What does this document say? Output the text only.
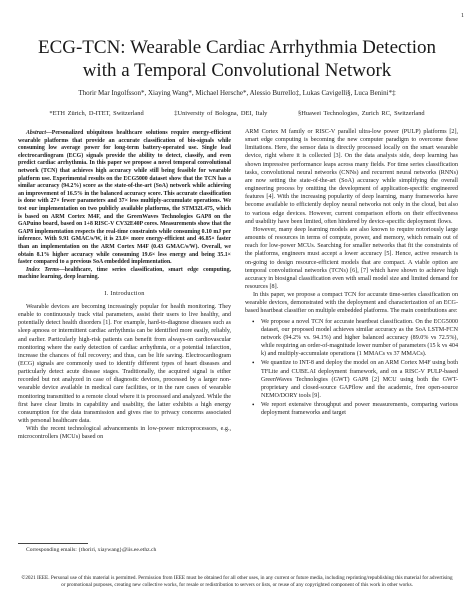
1
ECG-TCN: Wearable Cardiac Arrhythmia Detection
with a Temporal Convolutional Network
Thorir Mar Ingolfsson*, Xiaying Wang*, Michael Hersche*, Alessio Burrello‡, Lukas Cavigelli§, Luca Benini*‡
*ETH Zürich, D-ITET, Switzerland	‡University of Bologna, DEI, Italy	§Huawei Technologies, Zurich RC, Switzerland

Abstract—Personalized ubiquitous healthcare solutions require energy-efficient wearable platforms that provide an accurate classification of bio-signals while consuming low average power for long-term battery-operated use. Single lead electrocardiogram (ECG) signals provide the ability to detect, classify, and even predict cardiac arrhythmia. In this paper we propose a novel temporal convolutional network (TCN) that achieves high accuracy while still being feasible for wearable platform use. Experimental results on the ECG5000 dataset show that the TCN has a similar accuracy (94.2%) score as the state-of-the-art (SoA) network while achieving an improvement of 16.5% in the balanced accuracy score. This accurate classification is done with 27× fewer parameters and 37× less multiply-accumulate operations. We test our implementation on two publicly available platforms, the STM32L475, which is based on ARM Cortex M4F, and the GreenWaves Technologies GAP8 on the GAPuino board, based on 1+8 RISC-V CV32E40P cores. Measurements show that the GAP8 implementation respects the real-time constraints while consuming 0.10 mJ per inference. With 9.91 GMAC/s/W, it is 23.0× more energy-efficient and 46.85× faster than an implementation on the ARM Cortex M4F (0.43 GMAC/s/W). Overall, we obtain 8.1% higher accuracy while consuming 19.6× less energy and being 35.1× faster compared to a previous SoA embedded implementation.

Index Terms—healthcare, time series classification, smart edge computing, machine learning, deep learning.

I. Introduction

Wearable devices are becoming increasingly popular for health monitoring. They enable to continuously track vital parameters, assist their users to live healthy, and potentially detect health disorders [1]. For example, hard-to-diagnose diseases such as sleep apnoea or intermittent cardiac arrhythmia can be identified more easily, reliably, and earlier. Particularly high-risk patients can benefit from always-on cardiovascular monitoring where the early detection of cardiac arrhythmia, or a potential infarction, increase the chances of full recovery; and thus, can be life saving. Electrocardiogram (ECG) signals are commonly used to identify different types of heart diseases and particularly detect acute disease stages. Traditionally, the acquired signal is either recorded but not analyzed in case of diagnostic devices, processed by a larger non-wearable device available in medical care facilities, or in the rare cases of wearable monitoring transmitted to a remote cloud where it is processed and analyzed. While the first have clear limits in capability and usability, the latter exhibits a high energy consumption for the data transmission and gives rise to privacy concerns associated with personal healthcare data.

With the recent technological advancements in low-power microprocessors, e.g., microcontrollers (MCUs) based on

Corresponding emails: {thoriri, xiaywang}@iis.ee.ethz.ch

ARM Cortex M family or RISC-V parallel ultra-low power (PULP) platforms [2], smart edge computing is becoming the new computer paradigm to overcome these limitations. Here, the sensor data is directly processed locally on the smart wearable device, right where it is collected [3]. On the data analysis side, deep learning has shown impressive performance leaps across many fields. For time series classification tasks, convolutional neural networks (CNNs) and recurrent neural networks (RNNs) are now setting the state-of-the-art (SoA) accuracy while simplifying the overall engineering process by omitting the development of application-specific engineered features [4]. With the increasing popularity of deep learning, many frameworks have become available to efficiently deploy neural networks not only in the cloud, but also to various edge devices. However, current comparison efforts on their effectiveness and usability have been limited, often hindered by device-specific deployment flows.

However, many deep learning models are also known to require notoriously large amounts of resources in terms of compute, power, and memory, which remain out of reach for low-power MCUs. Searching for smaller networks that fit the constraints of the platforms, engineers must accept a lower accuracy [5]. Hence, active research is on-going to design resource-efficient models that are compact. A viable option are temporal convolutional networks (TCNs) [6], [7] which have shown to achieve high accuracy in biosignal classification even with small model size and limited demand for resources [8].

In this paper, we propose a compact TCN for accurate time-series classification on wearable devices, demonstrated with the deployment and characterization of an ECG-based heartbeat classifier on multiple embedded platforms. The main contributions are:

• We propose a novel TCN for accurate heartbeat classification. On the ECG5000 dataset, our proposed model achieves similar accuracy as the SoA LSTM-FCN network (94.2% vs. 94.1%) and higher balanced accuracy (89.0% vs 72.5%), while requiring an order-of-magnitude lower number of parameters (15 k vs 404 k) and multiply-accumulate operations (1 MMACs vs 37 MMACs).
• We quantize to INT-8 and deploy the model on an ARM Cortex M4F using both TFLite and CUBE.AI deployment framework, and on a RISC-V PULP-based GreenWaves Technologies (GWT) GAP8 [2] MCU using both the GWT-proprietary and closed-source GAPflow and the academic, free open-source NEMO/DORY tools [9].
• We report extensive throughput and power measurements, comparing various deployment frameworks and target
©2021 IEEE. Personal use of this material is permitted. Permission from IEEE must be obtained for all other uses, in any current or future media, including reprinting/republishing this material for advertising or promotional purposes, creating new collective works, for resale or redistribution to servers or lists, or reuse of any copyrighted component of this work in other works.
